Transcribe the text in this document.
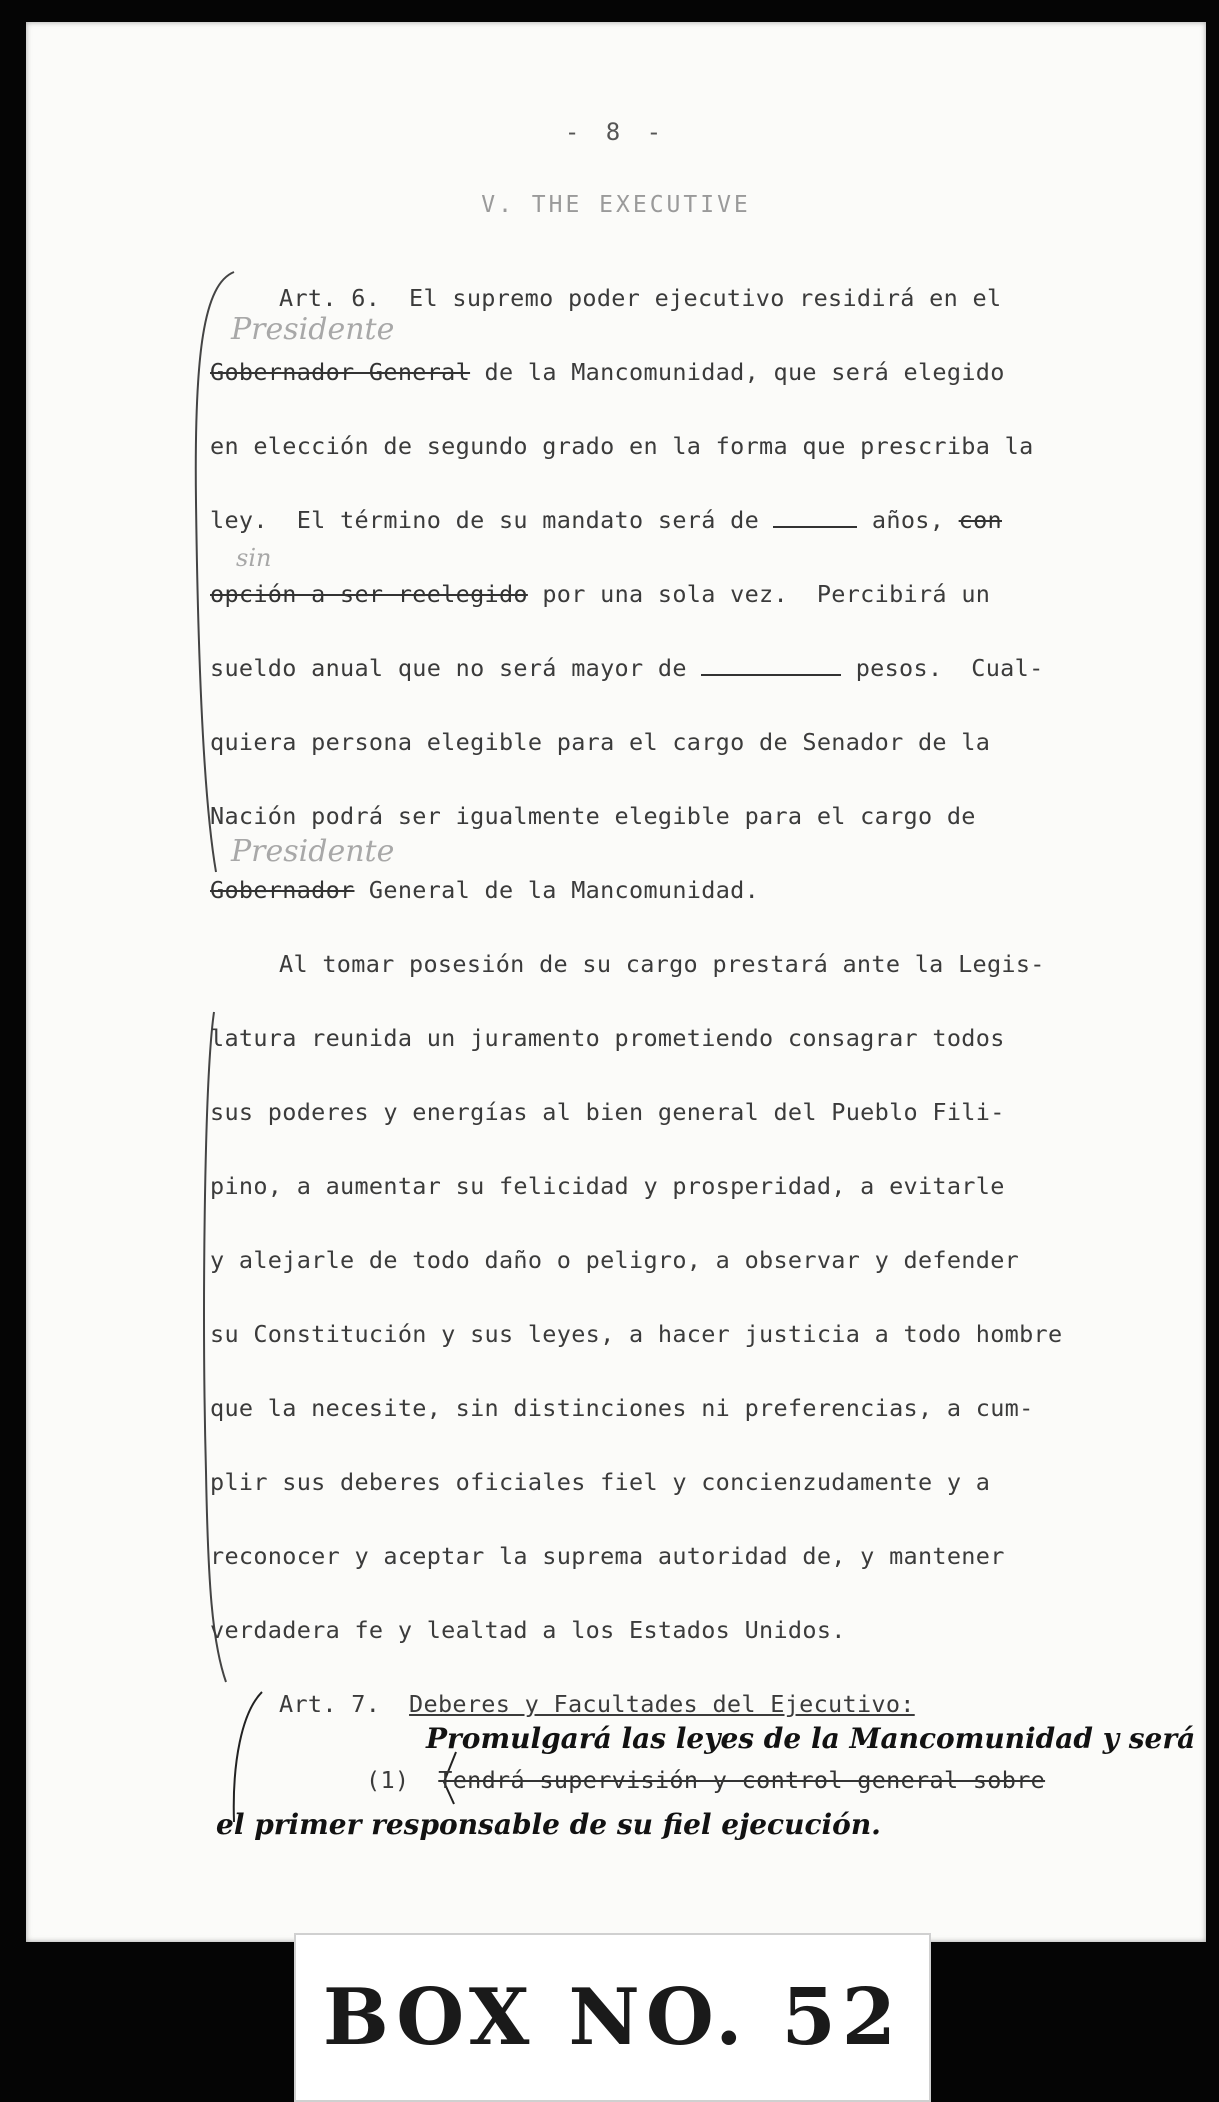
- 8 -
V. THE EXECUTIVE
Art. 6.  El supremo poder ejecutivo residirá en el
Presidente
Gobernador General de la Mancomunidad, que será elegido
en elección de segundo grado en la forma que prescriba la
ley.  El término de su mandato será de	años, con
sin
opción a ser reelegido por una sola vez.  Percibirá un
sueldo anual que no será mayor de	pesos.  Cual-
quiera persona elegible para el cargo de Senador de la
Nación podrá ser igualmente elegible para el cargo de
Presidente
Gobernador General de la Mancomunidad.
Al tomar posesión de su cargo prestará ante la Legis-
latura reunida un juramento prometiendo consagrar todos
sus poderes y energías al bien general del Pueblo Fili-
pino, a aumentar su felicidad y prosperidad, a evitarle
y alejarle de todo daño o peligro, a observar y defender
su Constitución y sus leyes, a hacer justicia a todo hombre
que la necesite, sin distinciones ni preferencias, a cum-
plir sus deberes oficiales fiel y concienzudamente y a
reconocer y aceptar la suprema autoridad de, y mantener
verdadera fe y lealtad a los Estados Unidos.
Art. 7. Deberes y Facultades del Ejecutivo:
Promulgará las leyes de la Mancomunidad y será
(1) Tendrá supervisión y control general sobre
el primer responsable de su fiel ejecución.
BOX NO. 52
